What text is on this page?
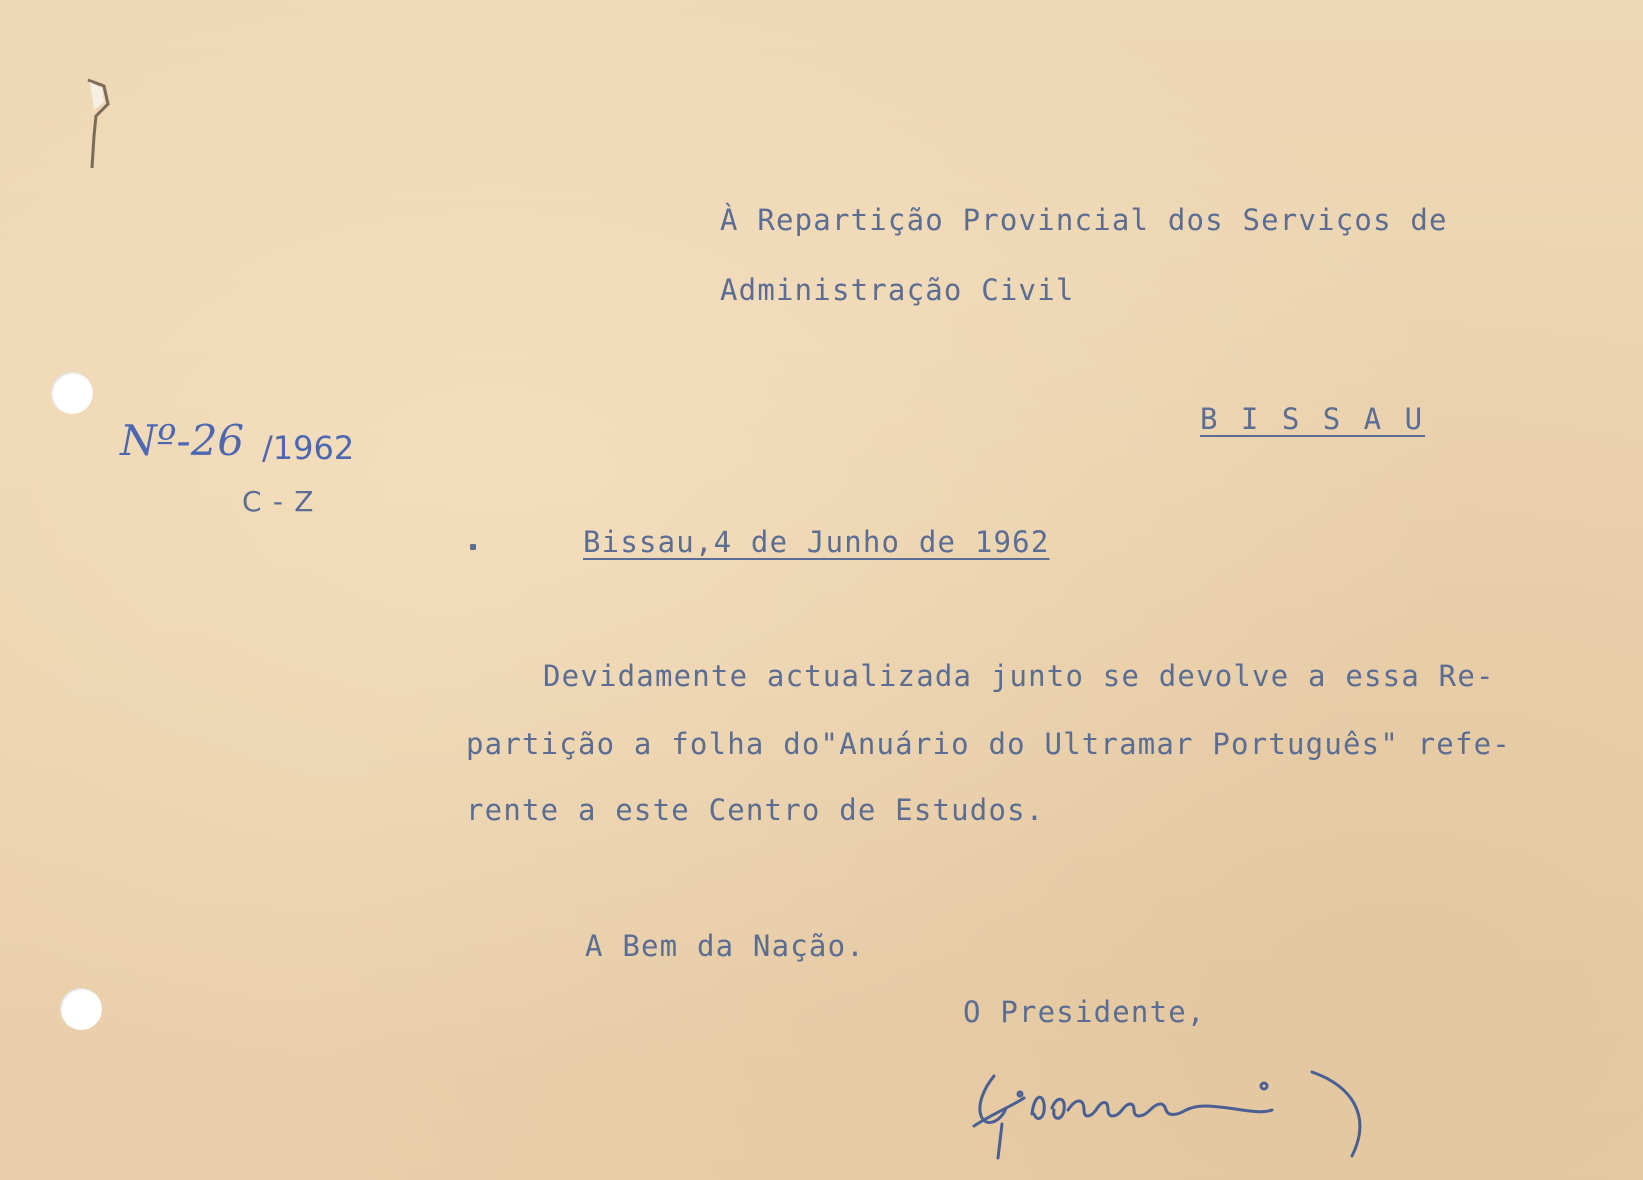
À Repartição Provincial dos Serviços de
Administração Civil
B I S S A U
Nº-26 /1962
C - Z
Bissau,4 de Junho de 1962
Devidamente actualizada junto se devolve a essa Re-
partição a folha do"Anuário do Ultramar Português" refe-
rente a este Centro de Estudos.
A Bem da Nação.
O Presidente,
